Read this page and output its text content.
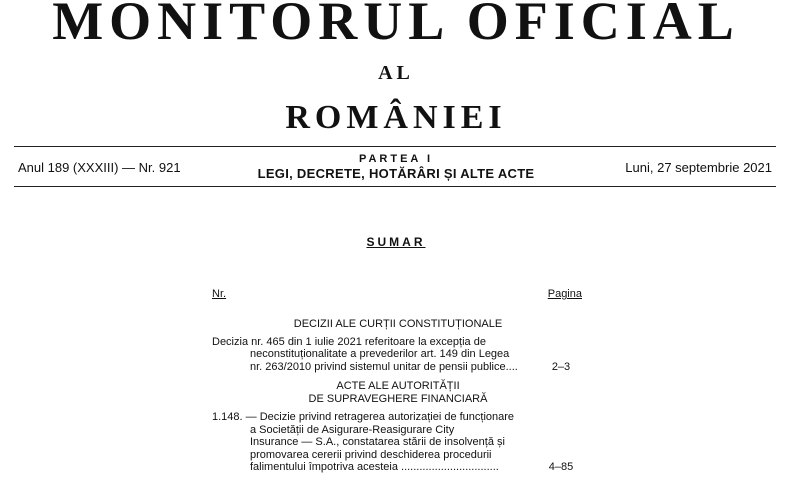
MONITORUL OFICIAL
AL
ROMÂNIEI
Anul 189 (XXXIII) — Nr. 921
PARTEA I
LEGI, DECRETE, HOTĂRÂRI ȘI ALTE ACTE	Luni, 27 septembrie 2021
SUMAR
Nr.	Pagina
DECIZII ALE CURȚII CONSTITUȚIONALE
Decizia nr. 465 din 1 iulie 2021 referitoare la excepția de
neconstituționalitate a prevederilor art. 149 din Legea
nr. 263/2010 privind sistemul unitar de pensii publice....	2–3
ACTE ALE AUTORITĂȚII
DE SUPRAVEGHERE FINANCIARĂ
1.148. — Decizie privind retragerea autorizației de funcționare
a Societății de Asigurare-Reasigurare City
Insurance — S.A., constatarea stării de insolvență și
promovarea cererii privind deschiderea procedurii
falimentului împotriva acesteia ................................	4–85
